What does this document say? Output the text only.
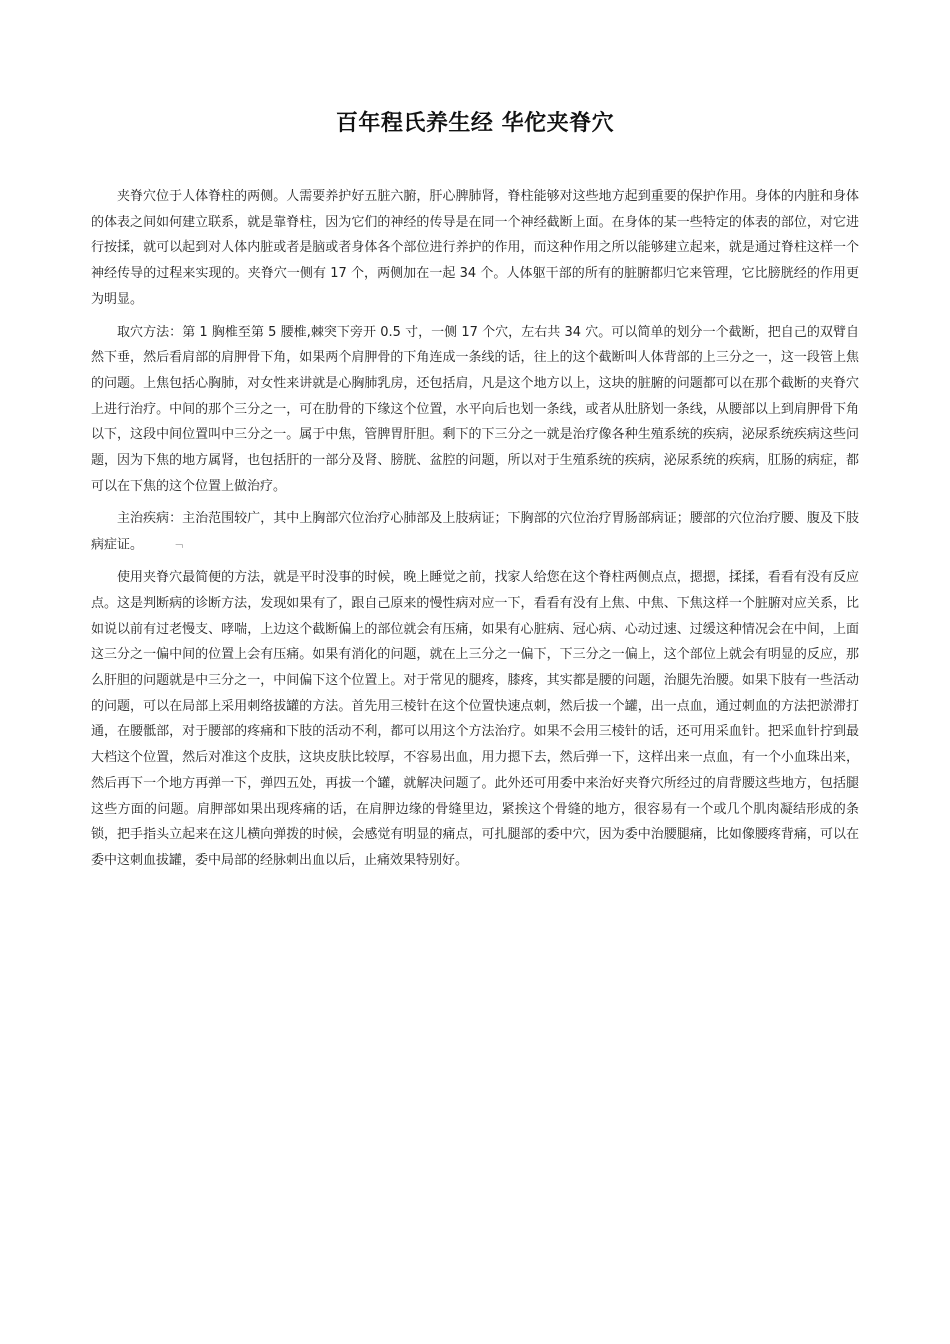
百年程氏养生经 华佗夹脊穴

夹脊穴位于人体脊柱的两侧。人需要养护好五脏六腑，肝心脾肺肾，脊柱能够对这些地方起到重要的保护作用。身体的内脏和身体的体表之间如何建立联系，就是靠脊柱，因为它们的神经的传导是在同一个神经截断上面。在身体的某一些特定的体表的部位，对它进行按揉，就可以起到对人体内脏或者是脑或者身体各个部位进行养护的作用，而这种作用之所以能够建立起来，就是通过脊柱这样一个神经传导的过程来实现的。夹脊穴一侧有 17 个，两侧加在一起 34 个。人体躯干部的所有的脏腑都归它来管理，它比膀胱经的作用更为明显。

取穴方法：第 1 胸椎至第 5 腰椎,棘突下旁开 0.5 寸，一侧 17 个穴，左右共 34 穴。可以简单的划分一个截断，把自己的双臂自然下垂，然后看肩部的肩胛骨下角，如果两个肩胛骨的下角连成一条线的话，往上的这个截断叫人体背部的上三分之一，这一段管上焦的问题。上焦包括心胸肺，对女性来讲就是心胸肺乳房，还包括肩，凡是这个地方以上，这块的脏腑的问题都可以在那个截断的夹脊穴上进行治疗。中间的那个三分之一，可在肋骨的下缘这个位置，水平向后也划一条线，或者从肚脐划一条线，从腰部以上到肩胛骨下角以下，这段中间位置叫中三分之一。属于中焦，管脾胃肝胆。剩下的下三分之一就是治疗像各种生殖系统的疾病，泌尿系统疾病这些问题，因为下焦的地方属肾，也包括肝的一部分及肾、膀胱、盆腔的问题，所以对于生殖系统的疾病，泌尿系统的疾病，肛肠的病症，都可以在下焦的这个位置上做治疗。

主治疾病：主治范围较广，其中上胸部穴位治疗心肺部及上肢病证；下胸部的穴位治疗胃肠部病证；腰部的穴位治疗腰、腹及下肢病症证。	﹁

使用夹脊穴最简便的方法，就是平时没事的时候，晚上睡觉之前，找家人给您在这个脊柱两侧点点，摁摁，揉揉，看看有没有反应点。这是判断病的诊断方法，发现如果有了，跟自己原来的慢性病对应一下，看看有没有上焦、中焦、下焦这样一个脏腑对应关系，比如说以前有过老慢支、哮喘，上边这个截断偏上的部位就会有压痛，如果有心脏病、冠心病、心动过速、过缓这种情况会在中间，上面这三分之一偏中间的位置上会有压痛。如果有消化的问题，就在上三分之一偏下，下三分之一偏上，这个部位上就会有明显的反应，那么肝胆的问题就是中三分之一，中间偏下这个位置上。对于常见的腿疼，膝疼，其实都是腰的问题，治腿先治腰。如果下肢有一些活动的问题，可以在局部上采用刺络拔罐的方法。首先用三棱针在这个位置快速点刺，然后拔一个罐，出一点血，通过刺血的方法把淤滞打通，在腰骶部，对于腰部的疼痛和下肢的活动不利，都可以用这个方法治疗。如果不会用三棱针的话，还可用采血针。把采血针拧到最大档这个位置，然后对准这个皮肤，这块皮肤比较厚，不容易出血，用力摁下去，然后弹一下，这样出来一点血，有一个小血珠出来，然后再下一个地方再弹一下，弹四五处，再拔一个罐，就解决问题了。此外还可用委中来治好夹脊穴所经过的肩背腰这些地方，包括腿这些方面的问题。肩胛部如果出现疼痛的话，在肩胛边缘的骨缝里边，紧挨这个骨缝的地方，很容易有一个或几个肌肉凝结形成的条锁，把手指头立起来在这儿横向弹拨的时候，会感觉有明显的痛点，可扎腿部的委中穴，因为委中治腰腿痛，比如像腰疼背痛，可以在委中这刺血拔罐，委中局部的经脉刺出血以后，止痛效果特别好。
